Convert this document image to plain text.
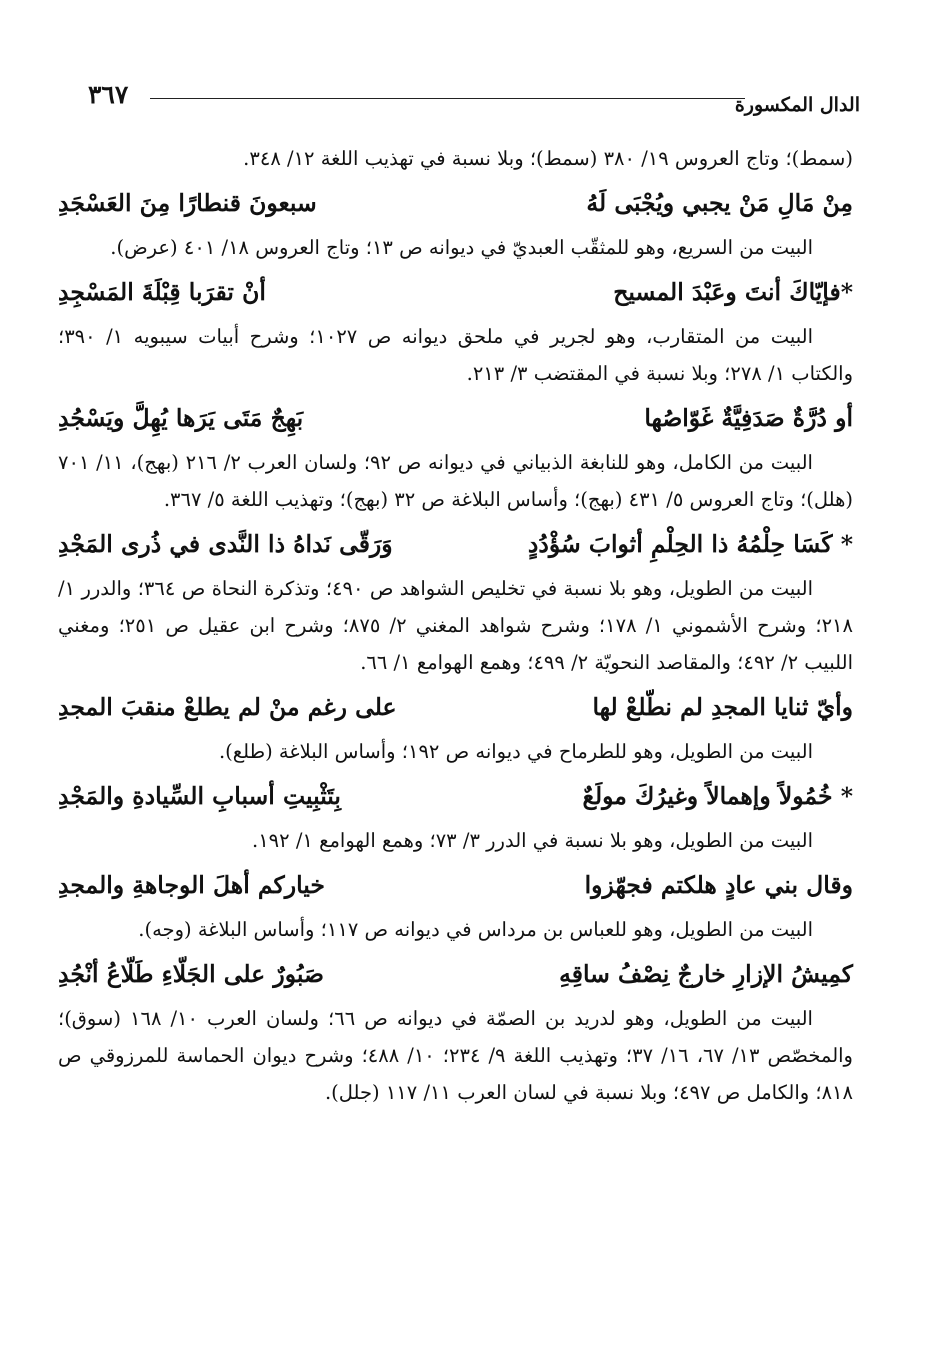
٣٦٧	الدال المكسورة
(سمط)؛ وتاج العروس ١٩/ ٣٨٠ (سمط)؛ وبلا نسبة في تهذيب اللغة ١٢/ ٣٤٨.
مِنْ مَالِ مَنْ يجبي ويُجْبَى لَهُ
سبعونَ قنطارًا مِنَ العَسْجَدِ
البيت من السريع، وهو للمثقّب العبديّ في ديوانه ص ١٣؛ وتاج العروس ١٨/ ٤٠١ (عرض).
*فإيّاكَ أنتَ وعَبْدَ المسيح
أنْ تقرَبا قِبْلَةَ المَسْجِدِ
البيت من المتقارب، وهو لجرير في ملحق ديوانه ص ١٠٢٧؛ وشرح أبيات سيبويه ١/ ٣٩٠؛ والكتاب ١/ ٢٧٨؛ وبلا نسبة في المقتضب ٣/ ٢١٣.
أو دُرَّةٌ صَدَفِيَّةٌ غَوّاصُها
بَهِجٌ مَتَى يَرَها يُهِلَّ ويَسْجُدِ
البيت من الكامل، وهو للنابغة الذبياني في ديوانه ص ٩٢؛ ولسان العرب ٢/ ٢١٦ (بهج)، ١١/ ٧٠١ (هلل)؛ وتاج العروس ٥/ ٤٣١ (بهج)؛ وأساس البلاغة ص ٣٢ (بهج)؛ وتهذيب اللغة ٥/ ٣٦٧.
* كَسَا حِلْمُهُ ذا الحِلْمِ أثوابَ سُؤْدُدٍ
وَرَقّى نَداهُ ذا النَّدى في ذُرى المَجْدِ
البيت من الطويل، وهو بلا نسبة في تخليص الشواهد ص ٤٩٠؛ وتذكرة النحاة ص ٣٦٤؛ والدرر ١/ ٢١٨؛ وشرح الأشموني ١/ ١٧٨؛ وشرح شواهد المغني ٢/ ٨٧٥؛ وشرح ابن عقيل ص ٢٥١؛ ومغني اللبيب ٢/ ٤٩٢؛ والمقاصد النحويّة ٢/ ٤٩٩؛ وهمع الهوامع ١/ ٦٦.
وأيّ ثنايا المجدِ لم نطّلعْ لها
على رغم منْ لم يطلعْ منقبَ المجدِ
البيت من الطويل، وهو للطرماح في ديوانه ص ١٩٢؛ وأساس البلاغة (طلع).
* خُمُولاً وإهمالاً وغيرُكَ مولَعٌ
بِتَثْبِيتِ أسبابِ السِّيادةِ والمَجْدِ
البيت من الطويل، وهو بلا نسبة في الدرر ٣/ ٧٣؛ وهمع الهوامع ١/ ١٩٢.
وقال بني عادٍ هلكتم فجهّزوا
خياركم أهلَ الوجاهةِ والمجدِ
البيت من الطويل، وهو للعباس بن مرداس في ديوانه ص ١١٧؛ وأساس البلاغة (وجه).
كمِيشُ الإزارِ خارجٌ نِصْفُ ساقِهِ
صَبُورٌ على الجَلّاءِ طَلّاعُ أنْجُدِ
البيت من الطويل، وهو لدريد بن الصمّة في ديوانه ص ٦٦؛ ولسان العرب ١٠/ ١٦٨ (سوق)؛ والمخصّص ١٣/ ٦٧، ١٦/ ٣٧؛ وتهذيب اللغة ٩/ ٢٣٤؛ ١٠/ ٤٨٨؛ وشرح ديوان الحماسة للمرزوقي ص ٨١٨؛ والكامل ص ٤٩٧؛ وبلا نسبة في لسان العرب ١١/ ١١٧ (جلل).
